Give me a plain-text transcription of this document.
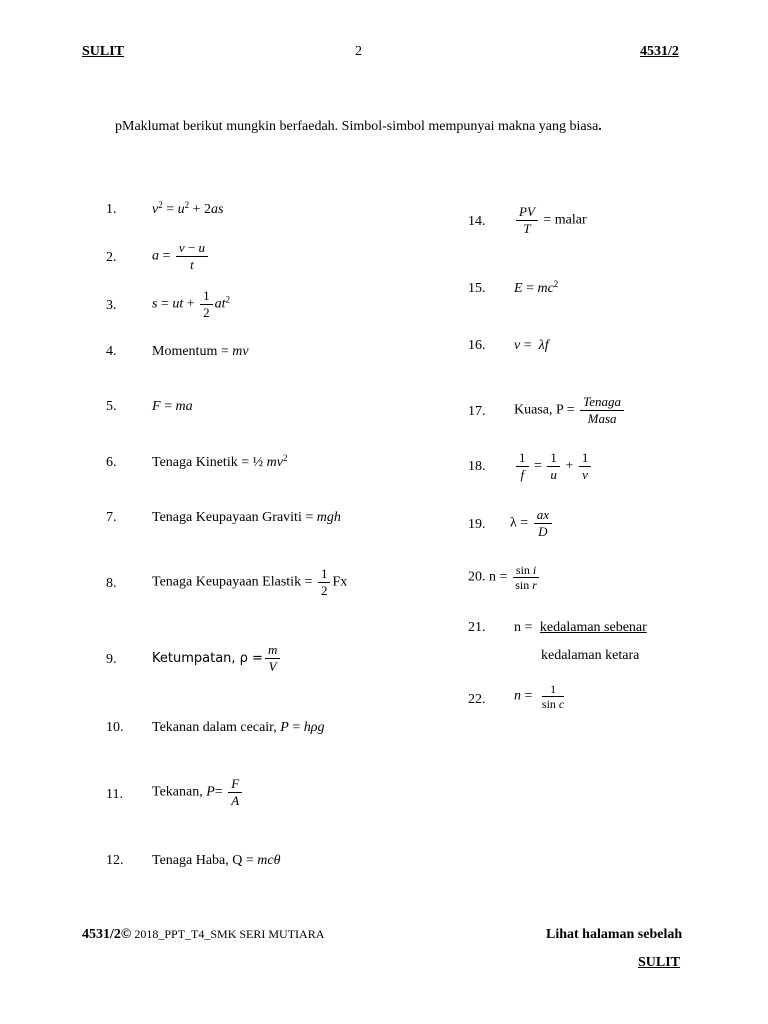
SULIT	2	4531/2
pMaklumat berikut mungkin berfaedah. Simbol-simbol mempunyai makna yang biasa.
1.	$v^2 = u^2 + 2as$
2.	$a = \frac{v - u}{t}$
3.	s = ut + $\frac{1}{2} at^2$
4.	Momentum = mv
5.	F = ma
6.	Tenaga Kinetik = ½ $mv^2$
7.	Tenaga Keupayaan Graviti = mgh
8.	Tenaga Keupayaan Elastik = $\frac{1}{2}$ Fx
9.	Ketumpatan, $\rho = \frac{m}{V}$
10. Tekanan dalam cecair, P = hρg
11. Tekanan, $P= \frac{F}{A}$
12. Tenaga Haba, Q = mcθ
14. $\frac{PV}{T}$ = malar
15. $E = mc^2$
16. v =  λf
17. Kuasa, $P = \frac{\text{Tenaga}}{\text{Masa}}$
18. $\frac{1}{f} = \frac{1}{u} + \frac{1}{v}$
19. $\lambda = \frac{ax}{D}$
20. $n = \frac{\text{sin i}}{\text{sin r}}$
21. n = kedalaman sebenar
kedalaman ketara
22. $n = \frac{1}{\text{sin c}}$
4531/2© 2018_PPT_T4_SMK SERI MUTIARA	Lihat halaman sebelah
SULIT
